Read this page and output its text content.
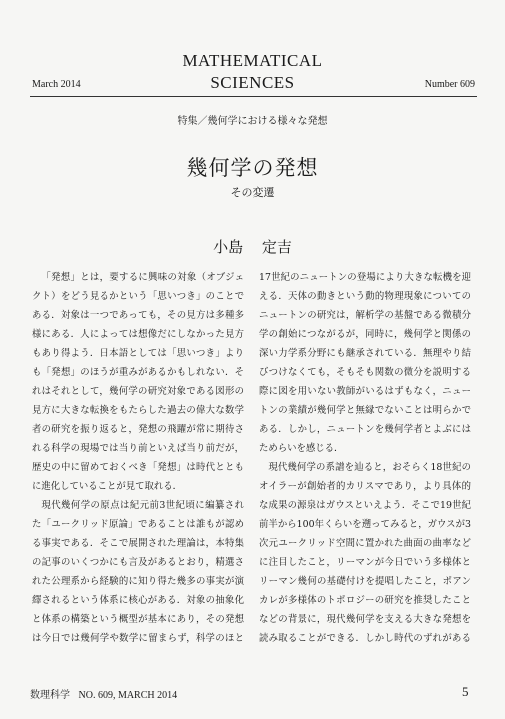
MATHEMATICAL
SCIENCES
March 2014	Number 609
特集／幾何学における様々な発想
幾何学の発想
その変遷
小島 定吉

「発想」とは，要するに興味の対象（オブジェクト）をどう見るかという「思いつき」のことである．対象は一つであっても，その見方は多種多様にある．人によっては想像だにしなかった見方もあり得よう．日本語としては「思いつき」よりも「発想」のほうが重みがあるかもしれない．それはそれとして，幾何学の研究対象である図形の見方に大きな転換をもたらした過去の偉大な数学者の研究を振り返ると，発想の飛躍が常に期待される科学の現場では当り前といえば当り前だが，歴史の中に留めておくべき「発想」は時代とともに進化していることが見て取れる．

現代幾何学の原点は紀元前3世紀頃に編纂された「ユークリッド原論」であることは誰もが認める事実である．そこで展開された理論は，本特集の記事のいくつかにも言及があるとおり，精選された公理系から経験的に知り得た幾多の事実が演繹されるという体系に核心がある．対象の抽象化と体系の構築という概型が基本にあり，その発想は今日では幾何学や数学に留まらず，科学のほと

17世紀のニュートンの登場により大きな転機を迎える．天体の動きという動的物理現象についてのニュートンの研究は，解析学の基盤である微積分学の創始につながるが，同時に，幾何学と関係の深い力学系分野にも継承されている．無理やり結びつけなくても，そもそも関数の微分を説明する際に図を用いない教師がいるはずもなく，ニュートンの業績が幾何学と無縁でないことは明らかである．しかし，ニュートンを幾何学者とよぶにはためらいを感じる．

現代幾何学の系譜を辿ると，おそらく18世紀のオイラーが創始者的カリスマであり，より具体的な成果の源泉はガウスといえよう．そこで19世紀前半から100年くらいを遡ってみると，ガウスが3次元ユークリッド空間に置かれた曲面の曲率などに注目したこと，リーマンが今日でいう多様体とリーマン幾何の基礎付けを提唱したこと，ポアンカレが多様体のトポロジーの研究を推奨したことなどの背景に，現代幾何学を支える大きな発想を読み取ることができる．しかし時代のずれがある

数理科学 NO. 609, MARCH 2014	5
